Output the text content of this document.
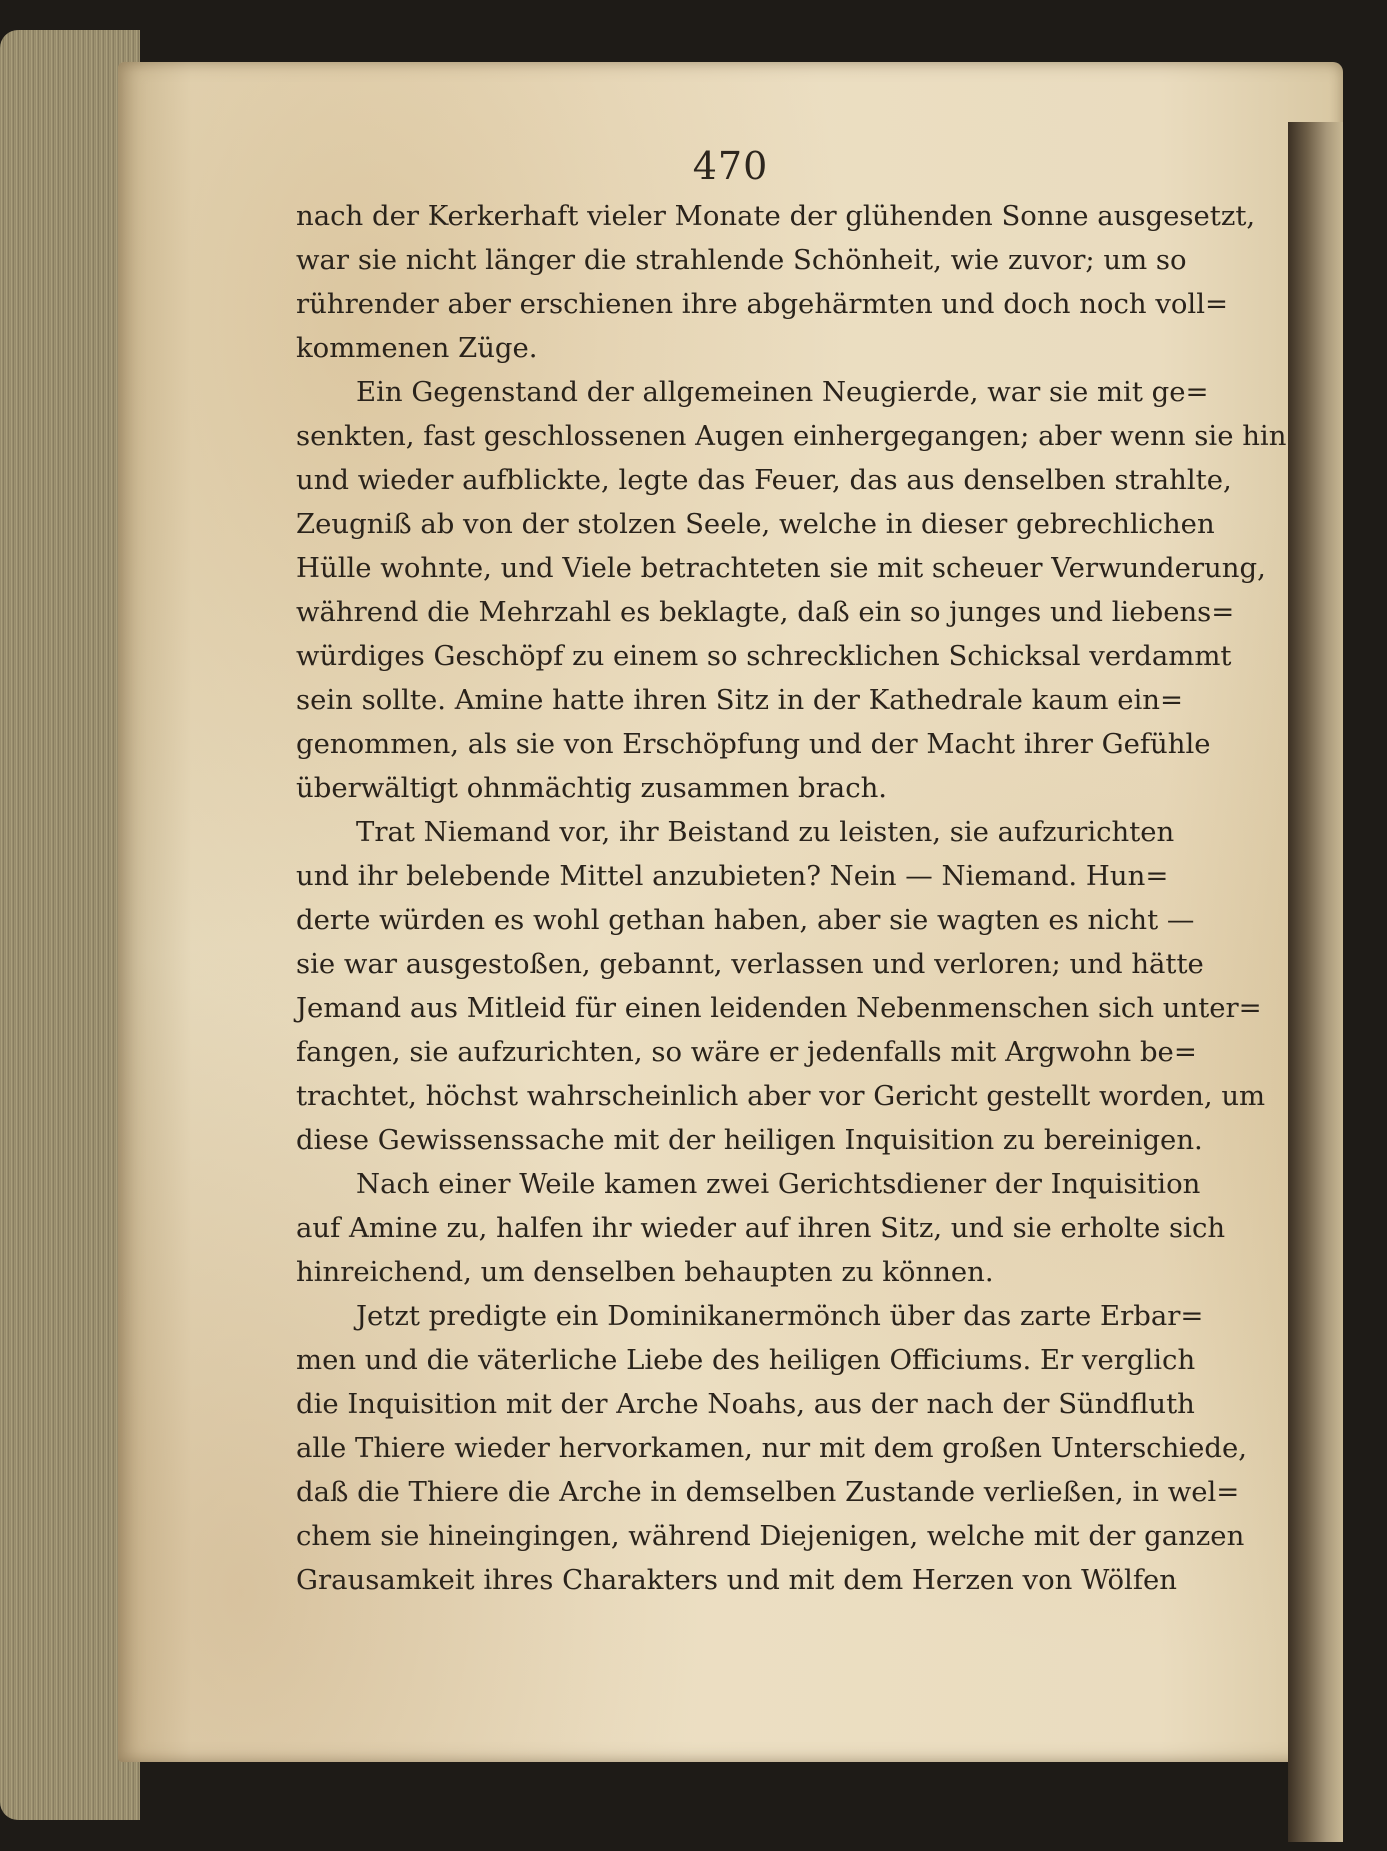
470
nach der Kerkerhaft vieler Monate der glühenden Sonne ausgesetzt,
war sie nicht länger die strahlende Schönheit, wie zuvor; um so
rührender aber erschienen ihre abgehärmten und doch noch voll=
kommenen Züge.
Ein Gegenstand der allgemeinen Neugierde, war sie mit ge=
senkten, fast geschlossenen Augen einhergegangen; aber wenn sie hin
und wieder aufblickte, legte das Feuer, das aus denselben strahlte,
Zeugniß ab von der stolzen Seele, welche in dieser gebrechlichen
Hülle wohnte, und Viele betrachteten sie mit scheuer Verwunderung,
während die Mehrzahl es beklagte, daß ein so junges und liebens=
würdiges Geschöpf zu einem so schrecklichen Schicksal verdammt
sein sollte. Amine hatte ihren Sitz in der Kathedrale kaum ein=
genommen, als sie von Erschöpfung und der Macht ihrer Gefühle
überwältigt ohnmächtig zusammen brach.
Trat Niemand vor, ihr Beistand zu leisten, sie aufzurichten
und ihr belebende Mittel anzubieten? Nein — Niemand. Hun=
derte würden es wohl gethan haben, aber sie wagten es nicht —
sie war ausgestoßen, gebannt, verlassen und verloren; und hätte
Jemand aus Mitleid für einen leidenden Nebenmenschen sich unter=
fangen, sie aufzurichten, so wäre er jedenfalls mit Argwohn be=
trachtet, höchst wahrscheinlich aber vor Gericht gestellt worden, um
diese Gewissenssache mit der heiligen Inquisition zu bereinigen.
Nach einer Weile kamen zwei Gerichtsdiener der Inquisition
auf Amine zu, halfen ihr wieder auf ihren Sitz, und sie erholte sich
hinreichend, um denselben behaupten zu können.
Jetzt predigte ein Dominikanermönch über das zarte Erbar=
men und die väterliche Liebe des heiligen Officiums. Er verglich
die Inquisition mit der Arche Noahs, aus der nach der Sündfluth
alle Thiere wieder hervorkamen, nur mit dem großen Unterschiede,
daß die Thiere die Arche in demselben Zustande verließen, in wel=
chem sie hineingingen, während Diejenigen, welche mit der ganzen
Grausamkeit ihres Charakters und mit dem Herzen von Wölfen
